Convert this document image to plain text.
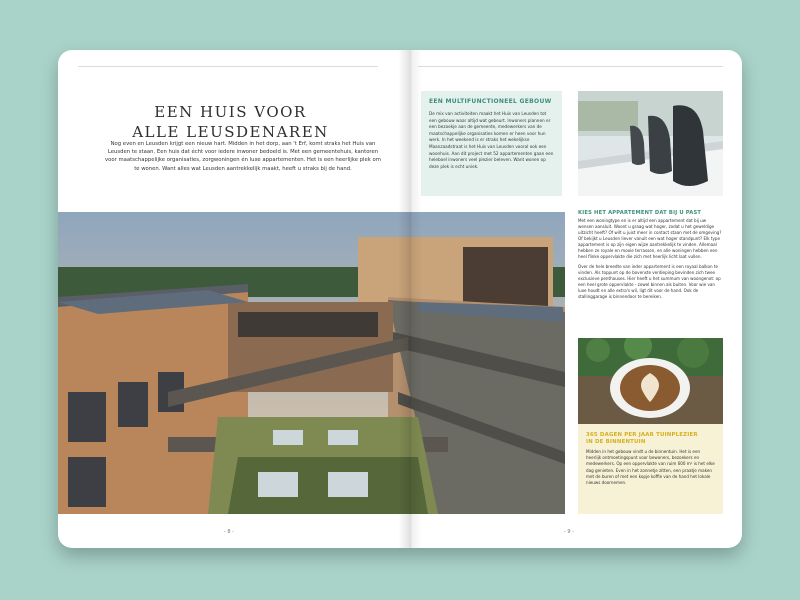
EEN HUIS VOOR
ALLE LEUSDENAREN

Nog even en Leusden krijgt een nieuw hart. Midden in het dorp, aan 't Erf, komt straks het Huis van Leusden te staan. Een huis dat écht voor iedere inwoner bedoeld is. Met een gemeentehuis, kantoren voor maatschappelijke organisaties, zorgwoningen én luxe appartementen. Het is een heerlijke plek om te wonen. Want alles wat Leusden aantrekkelijk maakt, heeft u straks bij de hand.

- 8 -
EEN MULTIFUNCTIONEEL GEBOUW

De mix van activiteiten maakt het Huis van Leusden tot een gebouw waar altijd wat gebeurt. Inwoners plannen er een bezoekje aan de gemeente, medewerkers van de maatschappelijke organisaties komen er heen voor hun werk. In het weekend is er straks het wekelijkse Maanzaadstraat is het Huis van Leusden vooral ook een woonhuis. Aan dit project met 52 appartementen gaan een heleboel inwoners veel plezier beleven. Want wonen op deze plek is echt uniek.

KIES HET APPARTEMENT DAT BIJ U PAST

Met een woningtype en is er altijd een appartement dat bij uw wensen aansluit. Woont u graag wat hoger, zodat u het geweldige uitzicht heeft? Of wilt u juist meer in contact staan met de omgeving? Of bekijkt u Leusden liever vanuit een wat hoger standpunt? Elk type appartement is op zijn eigen wijze aantrekkelijk te vinden. Allemaal hebben ze royale en mooie terrassen, en alle woningen hebben een heel flinke oppervlakte die zich met heerlijk licht laat vullen.

Over de hele breedte van ieder appartement is een royaal balkon te vinden. Als toppunt op de bovenste verdieping bevinden zich twee exclusieve penthouses. Hier heeft u het summum van woongenot: op een heel grote oppervlakte - zowel binnen als buiten. Voor wie van luxe houdt en alle extra's wil, ligt dit voor de hand. Ook de stallinggarage is binnendoor te bereiken.

365 DAGEN PER JAAR TUINPLEZIER
IN DE BINNENTUIN

Midden in het gebouw vindt u de binnentuin. Het is een heerlijk ontmoetingspunt voor bewoners, bezoekers en medewerkers. Op een oppervlakte van ruim 600 m² is het elke dag genieten. Even in het zonnetje zitten, een praatje maken met de buren of met een kopje koffie van de hand het lokale nieuws doornemen.

- 9 -
